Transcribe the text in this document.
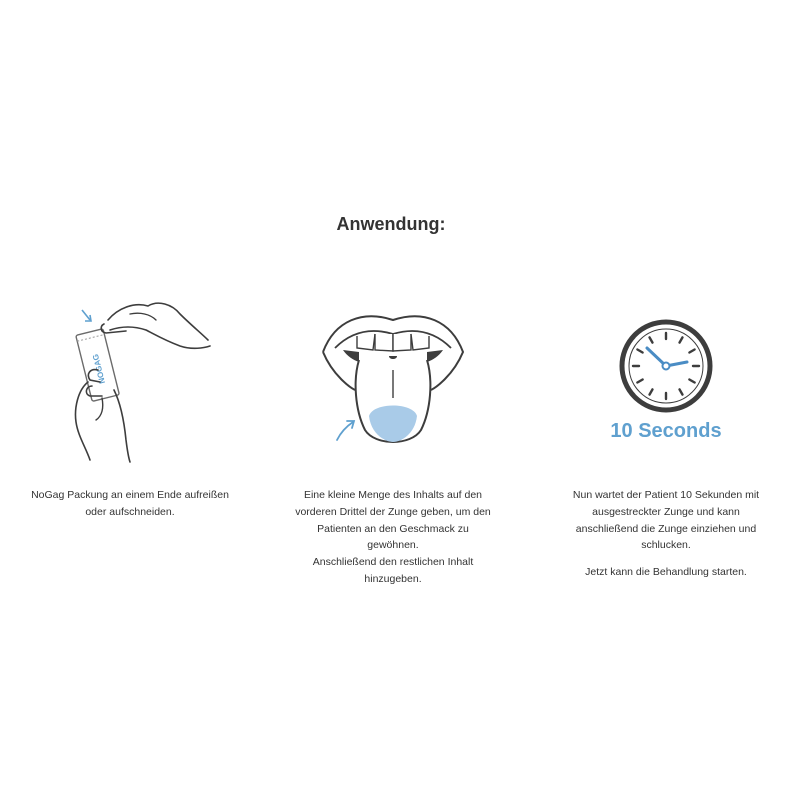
Anwendung:
NOGAG

NoGag Packung an einem Ende aufreißen

oder aufschneiden.

Eine kleine Menge des Inhalts auf den

vorderen Drittel der Zunge geben, um den

Patienten an den Geschmack zu

gewöhnen.

Anschließend den restlichen Inhalt

hinzugeben.

10 Seconds

Nun wartet der Patient 10 Sekunden mit

ausgestreckter Zunge und kann

anschließend die Zunge einziehen und

schlucken.

Jetzt kann die Behandlung starten.
